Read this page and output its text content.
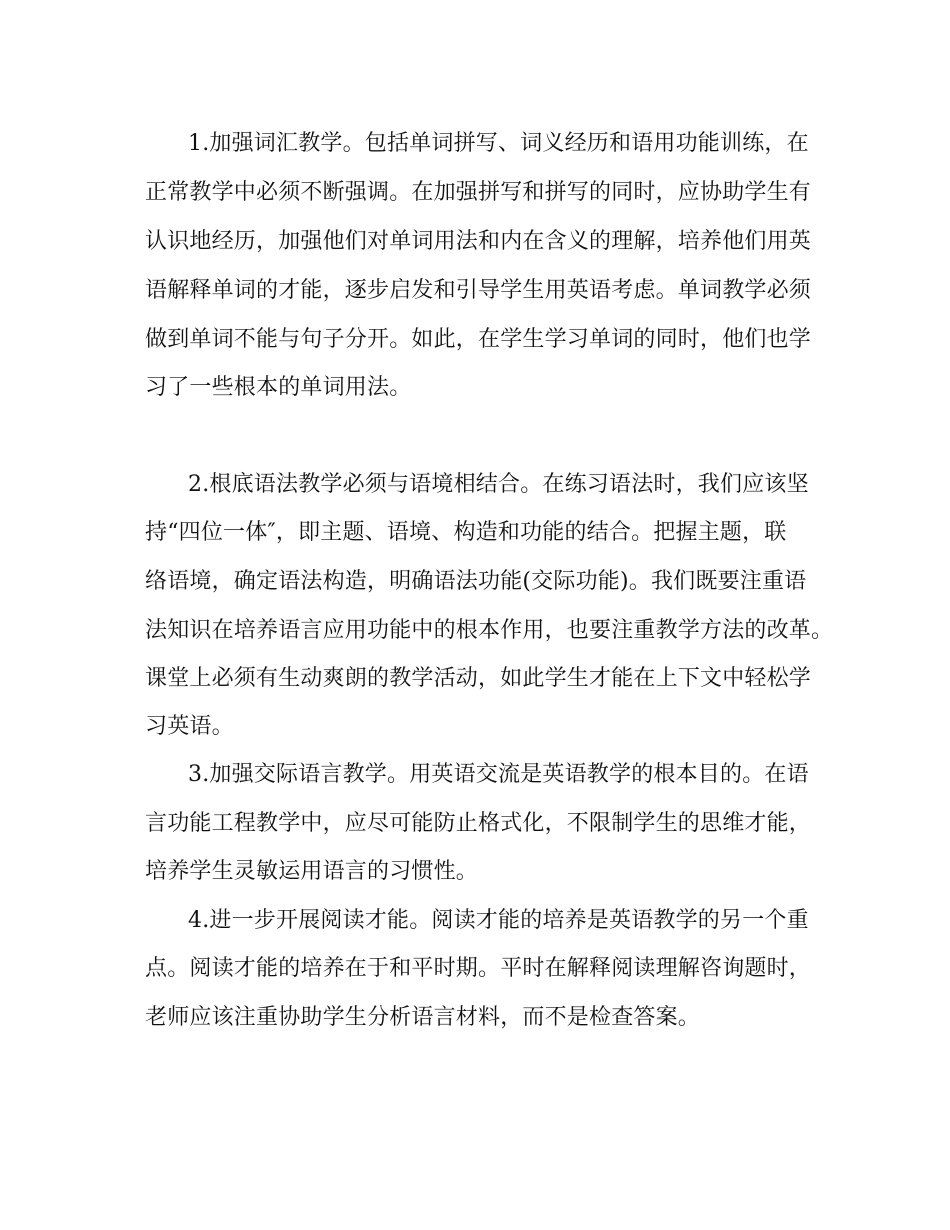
1.加强词汇教学。包括单词拼写、词义经历和语用功能训练，在

正常教学中必须不断强调。在加强拼写和拼写的同时，应协助学生有

认识地经历，加强他们对单词用法和内在含义的理解，培养他们用英

语解释单词的才能，逐步启发和引导学生用英语考虑。单词教学必须

做到单词不能与句子分开。如此，在学生学习单词的同时，他们也学

习了一些根本的单词用法。

2.根底语法教学必须与语境相结合。在练习语法时，我们应该坚

持“四位一体″，即主题、语境、构造和功能的结合。把握主题，联

络语境，确定语法构造，明确语法功能(交际功能)。我们既要注重语

法知识在培养语言应用功能中的根本作用，也要注重教学方法的改革。

课堂上必须有生动爽朗的教学活动，如此学生才能在上下文中轻松学

习英语。

3.加强交际语言教学。用英语交流是英语教学的根本目的。在语

言功能工程教学中，应尽可能防止格式化，不限制学生的思维才能，

培养学生灵敏运用语言的习惯性。

4.进一步开展阅读才能。阅读才能的培养是英语教学的另一个重

点。阅读才能的培养在于和平时期。平时在解释阅读理解咨询题时，

老师应该注重协助学生分析语言材料，而不是检查答案。
